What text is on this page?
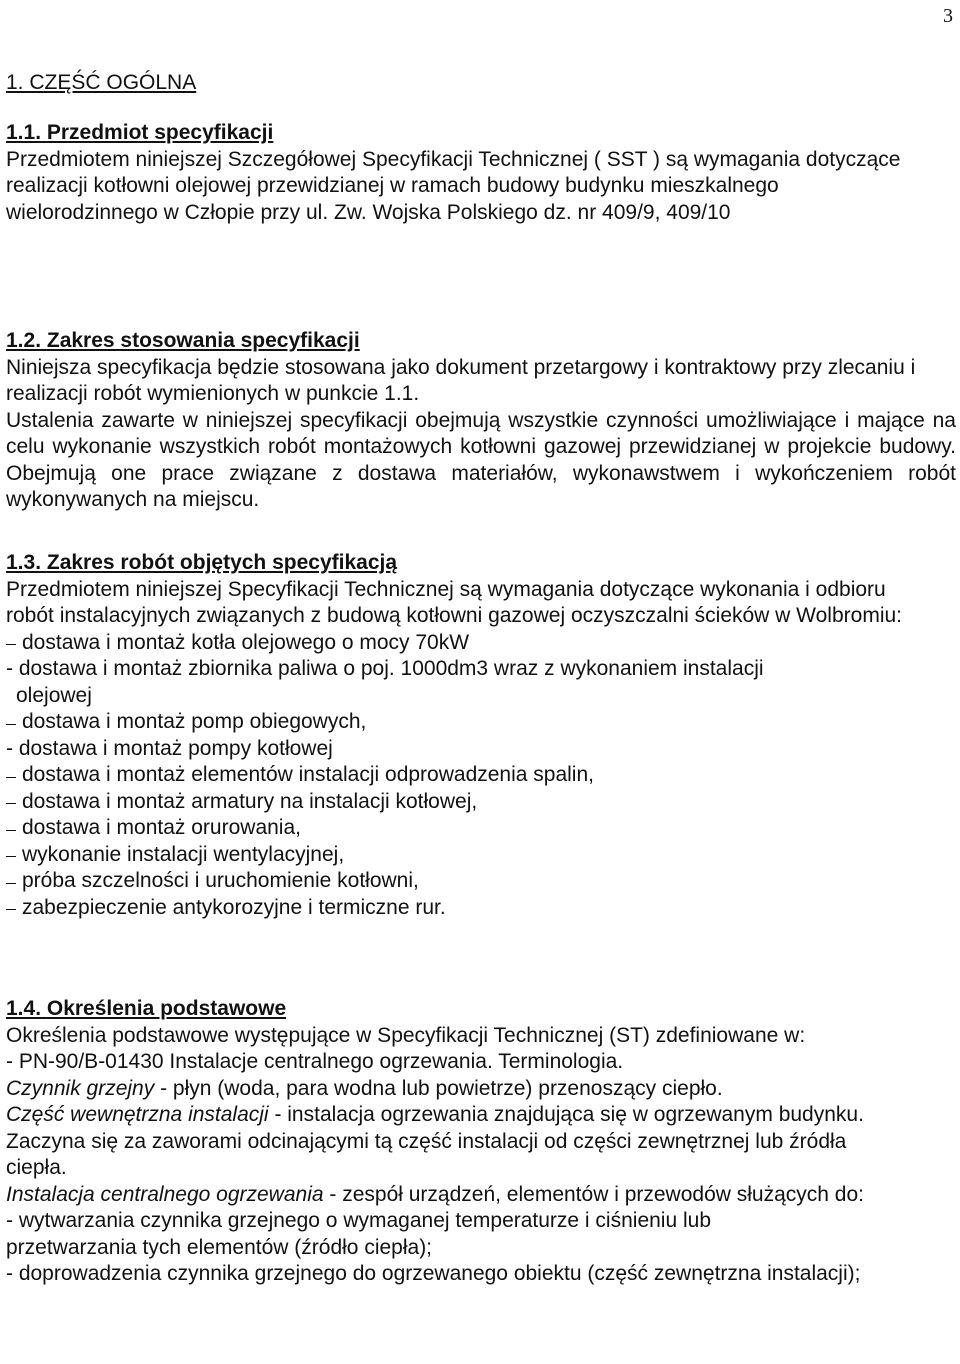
3
1. CZĘŚĆ OGÓLNA
1.1. Przedmiot specyfikacji

Przedmiotem niniejszej Szczegółowej Specyfikacji Technicznej ( SST ) są wymagania dotyczące realizacji kotłowni olejowej przewidzianej w ramach budowy budynku mieszkalnego wielorodzinnego w Człopie przy ul. Zw. Wojska Polskiego dz. nr 409/9, 409/10

1.2. Zakres stosowania specyfikacji

Niniejsza specyfikacja będzie stosowana jako dokument przetargowy i kontraktowy przy zlecaniu i realizacji robót wymienionych w punkcie 1.1.

Ustalenia zawarte w niniejszej specyfikacji obejmują wszystkie czynności umożliwiające i mające na celu wykonanie wszystkich robót montażowych kotłowni gazowej przewidzianej w projekcie budowy. Obejmują one prace związane z dostawa materiałów, wykonawstwem i wykończeniem robót wykonywanych na miejscu.

1.3. Zakres robót objętych specyfikacją

Przedmiotem niniejszej Specyfikacji Technicznej są wymagania dotyczące wykonania i odbioru robót instalacyjnych związanych z budową kotłowni gazowej oczyszczalni ścieków w Wolbromiu:

dostawa i montaż kotła olejowego o mocy 70kW
- dostawa i montaż zbiornika paliwa o poj. 1000dm3 wraz z wykonaniem instalacji
olejowej
dostawa i montaż pomp obiegowych,
- dostawa i montaż pompy kotłowej
dostawa i montaż elementów instalacji odprowadzenia spalin,
dostawa i montaż armatury na instalacji kotłowej,
dostawa i montaż orurowania,
wykonanie instalacji wentylacyjnej,
próba szczelności i uruchomienie kotłowni,
zabezpieczenie antykorozyjne i termiczne rur.
1.4. Określenia podstawowe

Określenia podstawowe występujące w Specyfikacji Technicznej (ST) zdefiniowane w:

- PN-90/B-01430 Instalacje centralnego ogrzewania. Terminologia.

Czynnik grzejny - płyn (woda, para wodna lub powietrze) przenoszący ciepło.

Część wewnętrzna instalacji - instalacja ogrzewania znajdująca się w ogrzewanym budynku. Zaczyna się za zaworami odcinającymi tą część instalacji od części zewnętrznej lub źródła ciepła.

Instalacja centralnego ogrzewania - zespół urządzeń, elementów i przewodów służących do:

- wytwarzania czynnika grzejnego o wymaganej temperaturze i ciśnieniu lub przetwarzania tych elementów (źródło ciepła);

- doprowadzenia czynnika grzejnego do ogrzewanego obiektu (część zewnętrzna instalacji);
